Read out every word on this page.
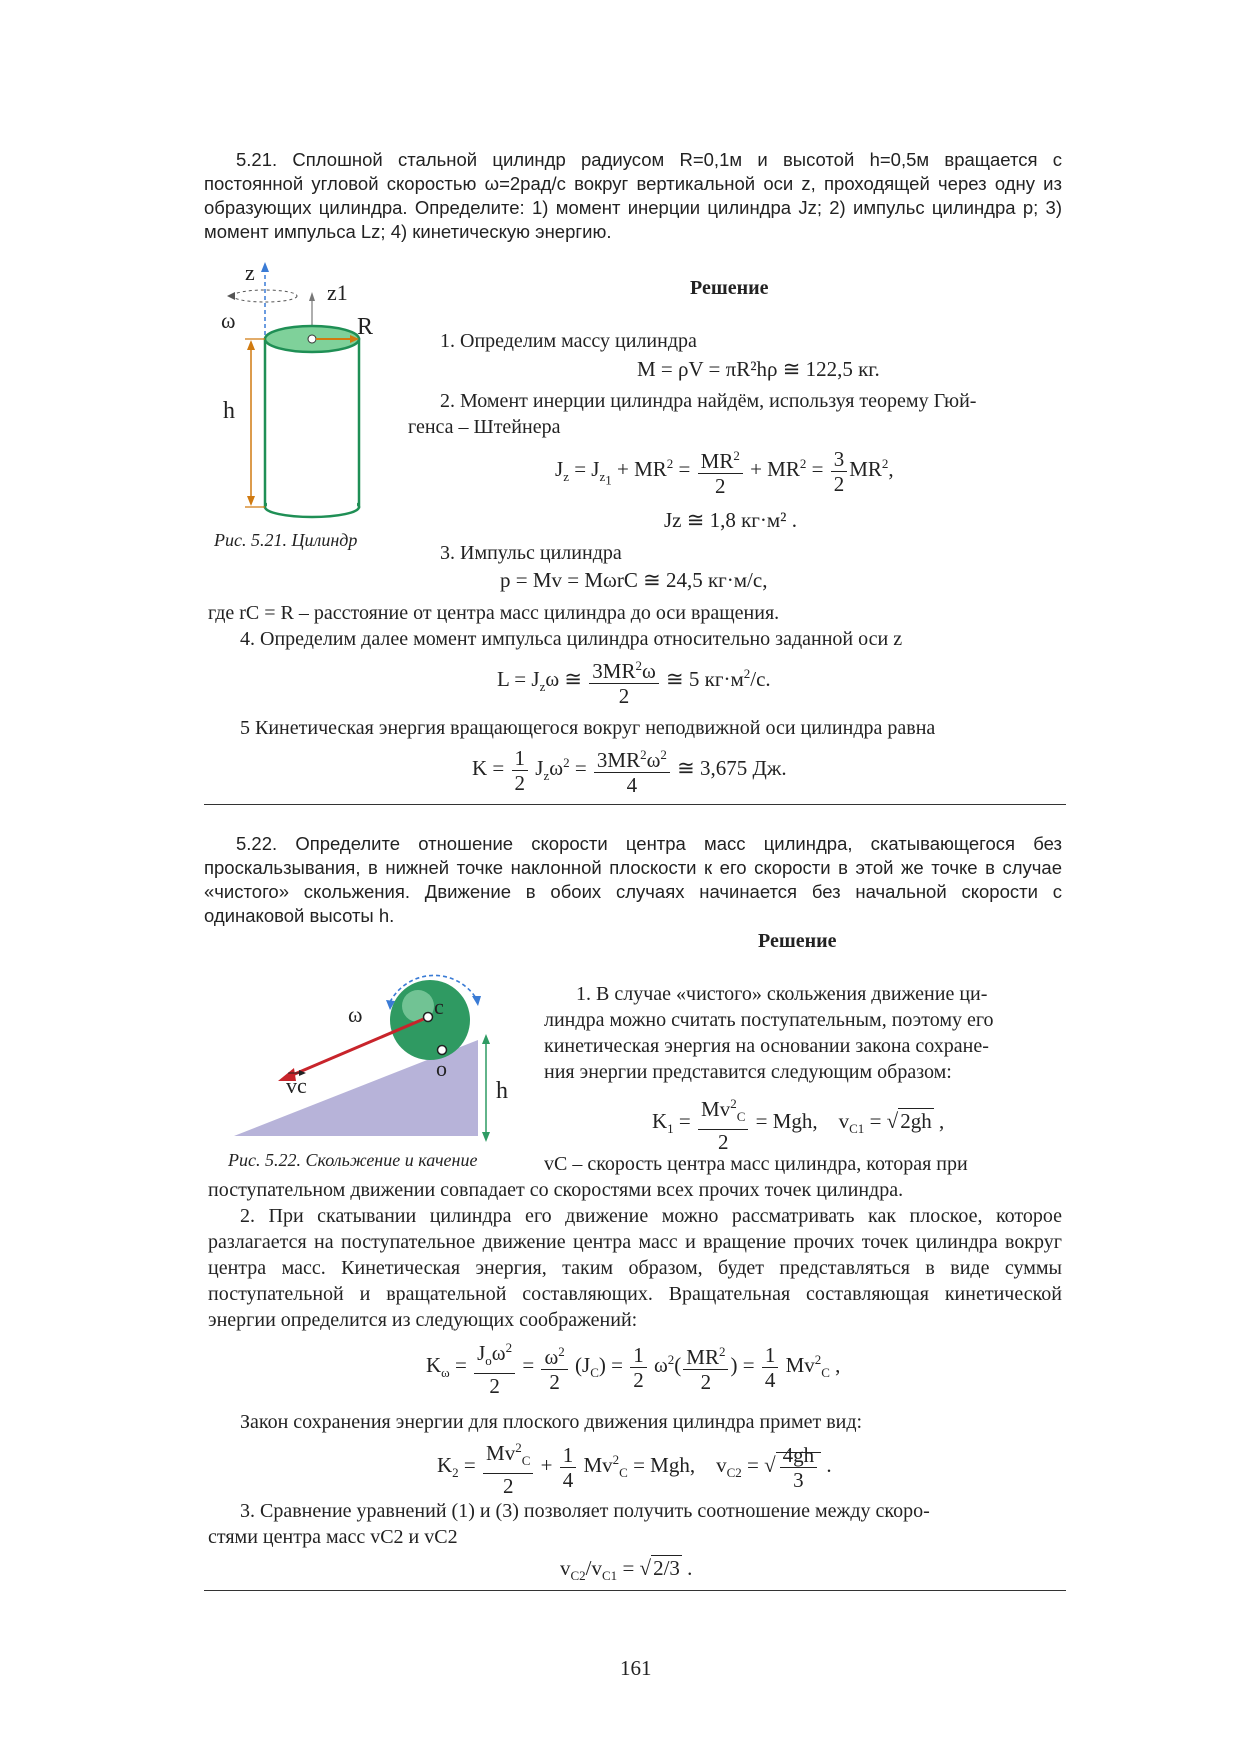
5.21. Сплошной стальной цилиндр радиусом R=0,1м и высотой h=0,5м вращается с постоянной угловой скоростью ω=2рад/с вокруг вертикальной оси z, проходящей через одну из образующих цилиндра. Определите: 1) момент инерции цилиндра Jz; 2) импульс цилиндра p; 3) момент импульса Lz; 4) кинетическую энергию.

z
z1
ω	R
h
Рис. 5.21. Цилиндр
Решение
1. Определим массу цилиндра
M = ρV = πR²hρ ≅ 122,5 кг.
2. Момент инерции цилиндра найдём, используя теорему Гюй-
генса – Штейнера
$J_z = J_{z_1} + MR^2 = \frac{MR^2}{2} + MR^2 = \frac{3}{2} MR^2$,
Jz ≅ 1,8 кг·м² .
3. Импульс цилиндра
p = Mv = MωrC ≅ 24,5 кг·м/с,
где rC = R – расстояние от центра масс цилиндра до оси вращения.
4. Определим далее момент импульса цилиндра относительно заданной оси z
$L = J_z\omega$ ≅ $\frac{3MR^2\omega}{2}$ ≅ 5 $кг\cdot м^2/с$.
5 Кинетическая энергия вращающегося вокруг неподвижной оси цилиндра равна
$K = \frac{1}{2} J_z\omega^2 = \frac{3MR^2\omega^2}{4}$ ≅ 3,675 Дж.

5.22. Определите отношение скорости центра масс цилиндра, скатывающегося без проскальзывания, в нижней точке наклонной плоскости к его скорости в этой же точке в случае «чистого» скольжения. Движение в обоих случаях начинается без начальной скорости с одинаковой высоты h.

Решение
ω	c
o
vc	h
Рис. 5.22. Скольжение и качение
1. В случае «чистого» скольжения движение ци-
линдра можно считать поступательным, поэтому его
кинетическая энергия на основании закона сохране-
ния энергии представится следующим образом:
$K_1 = \frac{Mv^2_C}{2}$ = Mgh,    $v_{C1} = √2gh$ ,
vC – скорость центра масс цилиндра, которая при
поступательном движении совпадает со скоростями всех прочих точек цилиндра.

2. При скатывании цилиндра его движение можно рассматривать как плоское, которое разлагается на поступательное движение центра масс и вращение прочих точек цилиндра вокруг центра масс. Кинетическая энергия, таким образом, будет представляться в виде суммы поступательной и вращательной составляющих. Вращательная составляющая кинетической энергии определится из следующих соображений:

$K_\omega = \frac{J_o\omega^2}{2} = \frac{\omega^2}{2} (J_C) = \frac{1}{2} \omega^2( \frac{MR^2}{2}$ ) = $\frac{1}{4} Mv^2_C$ ,
Закон сохранения энергии для плоского движения цилиндра примет вид:
$K_2 = \frac{Mv^2_C}{2} + \frac{1}{4} Mv^2_C$ = Mgh,    $v_{C2}$ = √ $\frac{4gh}{3}$ .
3. Сравнение уравнений (1) и (3) позволяет получить соотношение между скоро-
стями центра масс vC2 и vC2
$v_{C2}/v_{C1} = √2/3$ .
161
